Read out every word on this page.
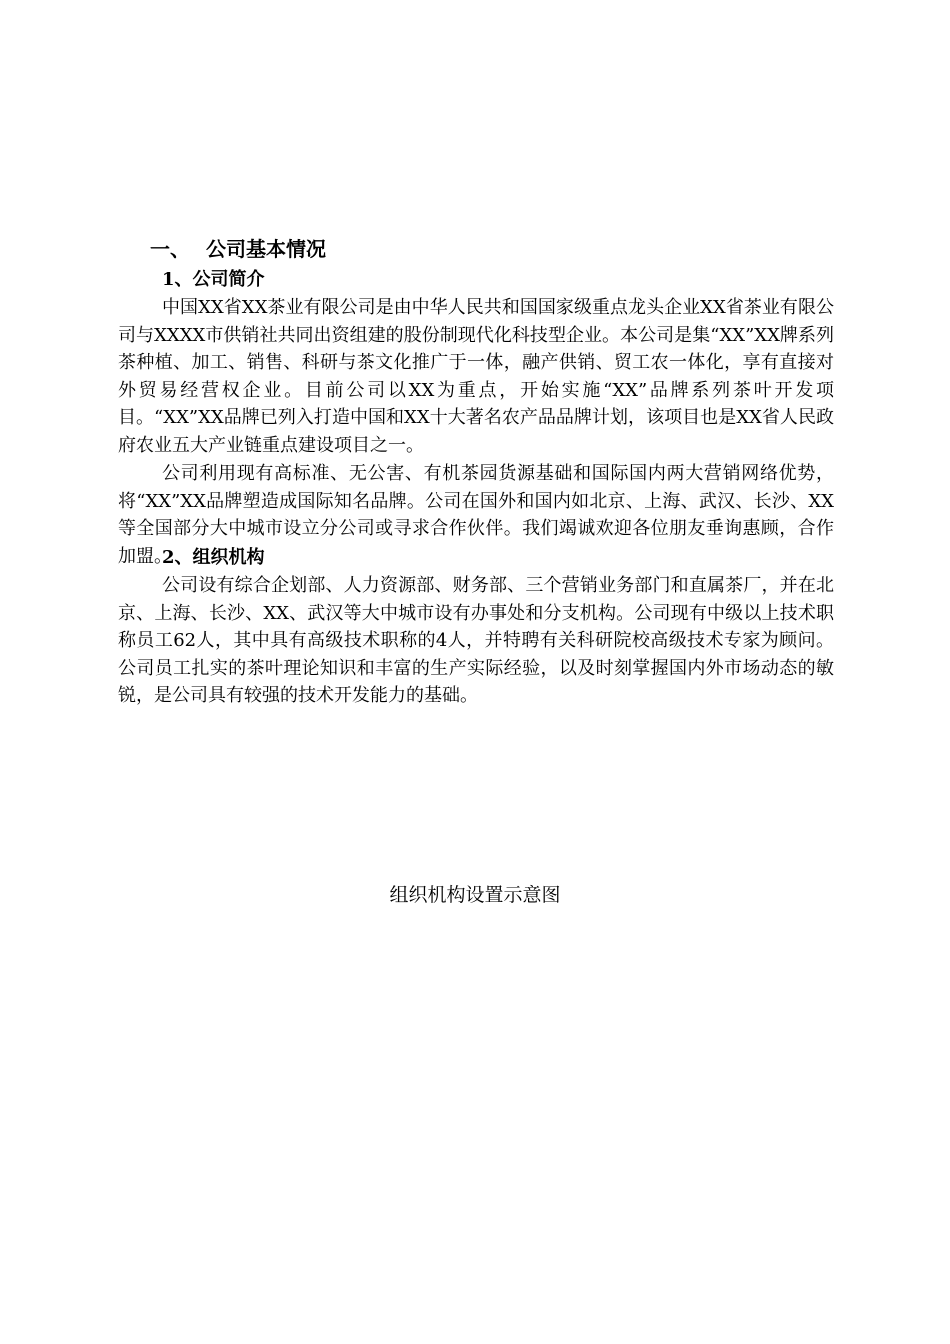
一、 公司基本情况
1、公司简介

中国XX省XX茶业有限公司是由中华人民共和国国家级重点龙头企业XX省茶业有限公司与XXXX市供销社共同出资组建的股份制现代化科技型企业。本公司是集“XX”XX牌系列茶种植、加工、销售、科研与茶文化推广于一体，融产供销、贸工农一体化，享有直接对外贸易经营权企业。目前公司以XX为重点，开始实施“XX”品牌系列茶叶开发项目。“XX”XX品牌已列入打造中国和XX十大著名农产品品牌计划，该项目也是XX省人民政府农业五大产业链重点建设项目之一。

公司利用现有高标准、无公害、有机茶园货源基础和国际国内两大营销网络优势，将“XX”XX品牌塑造成国际知名品牌。公司在国外和国内如北京、上海、武汉、长沙、XX等全国部分大中城市设立分公司或寻求合作伙伴。我们竭诚欢迎各位朋友垂询惠顾，合作加盟。

2、组织机构

公司设有综合企划部、人力资源部、财务部、三个营销业务部门和直属茶厂，并在北京、上海、长沙、XX、武汉等大中城市设有办事处和分支机构。公司现有中级以上技术职称员工62人，其中具有高级技术职称的4人，并特聘有关科研院校高级技术专家为顾问。公司员工扎实的茶叶理论知识和丰富的生产实际经验，以及时刻掌握国内外市场动态的敏锐，是公司具有较强的技术开发能力的基础。

组织机构设置示意图
